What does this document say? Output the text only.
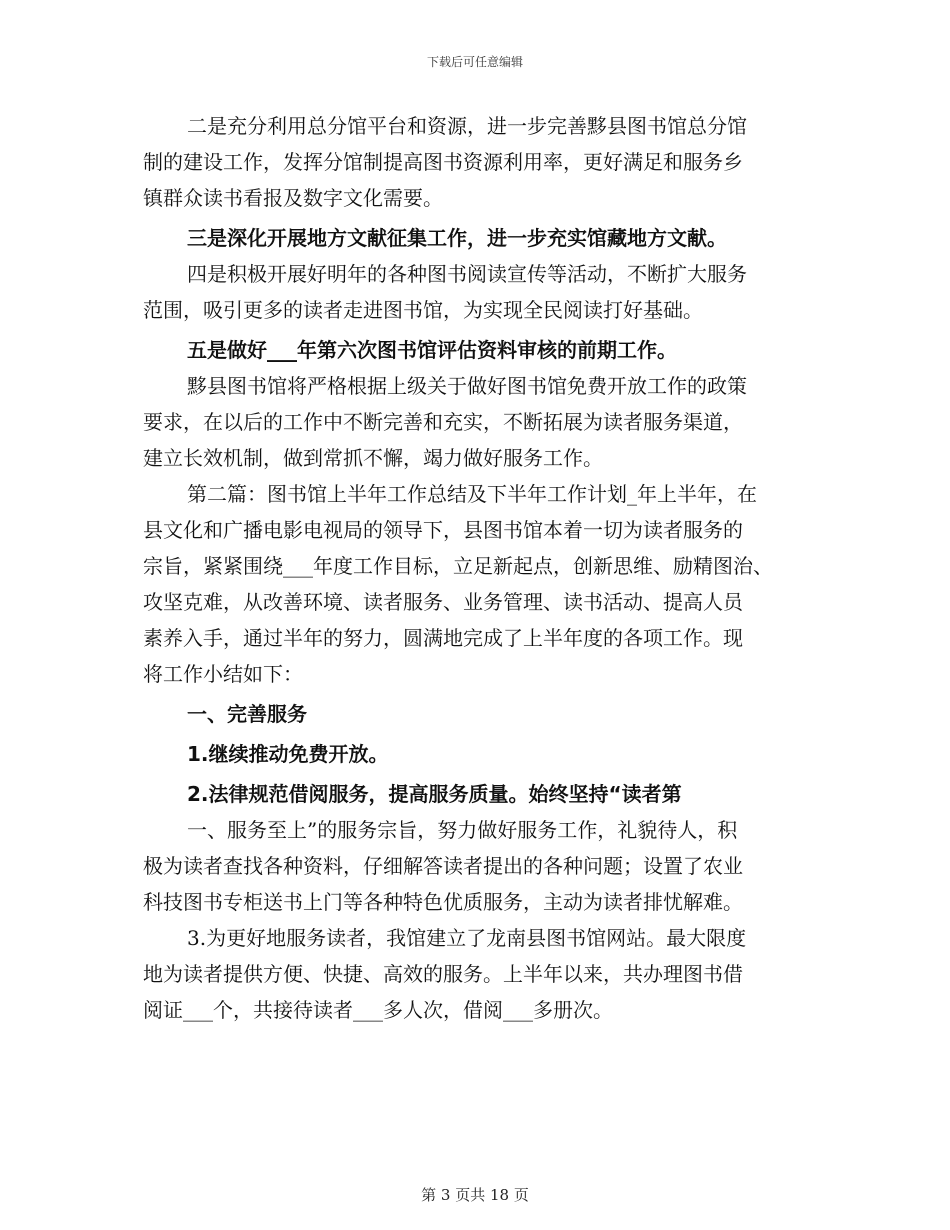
下载后可任意编辑
二是充分利用总分馆平台和资源，进一步完善黟县图书馆总分馆
制的建设工作，发挥分馆制提高图书资源利用率，更好满足和服务乡
镇群众读书看报及数字文化需要。
三是深化开展地方文献征集工作，进一步充实馆藏地方文献。
四是积极开展好明年的各种图书阅读宣传等活动，不断扩大服务
范围，吸引更多的读者走进图书馆，为实现全民阅读打好基础。
五是做好___年第六次图书馆评估资料审核的前期工作。
黟县图书馆将严格根据上级关于做好图书馆免费开放工作的政策
要求，在以后的工作中不断完善和充实，不断拓展为读者服务渠道，
建立长效机制，做到常抓不懈，竭力做好服务工作。
第二篇：图书馆上半年工作总结及下半年工作计划_年上半年，在
县文化和广播电影电视局的领导下，县图书馆本着一切为读者服务的
宗旨，紧紧围绕___年度工作目标，立足新起点，创新思维、励精图治、
攻坚克难，从改善环境、读者服务、业务管理、读书活动、提高人员
素养入手，通过半年的努力，圆满地完成了上半年度的各项工作。现
将工作小结如下：
一、完善服务
1.继续推动免费开放。
2.法律规范借阅服务，提高服务质量。始终坚持“读者第
一、服务至上”的服务宗旨，努力做好服务工作，礼貌待人，积
极为读者查找各种资料，仔细解答读者提出的各种问题；设置了农业
科技图书专柜送书上门等各种特色优质服务，主动为读者排忧解难。
3.为更好地服务读者，我馆建立了龙南县图书馆网站。最大限度
地为读者提供方便、快捷、高效的服务。上半年以来，共办理图书借
阅证___个，共接待读者___多人次，借阅___多册次。
第 3 页共 18 页
